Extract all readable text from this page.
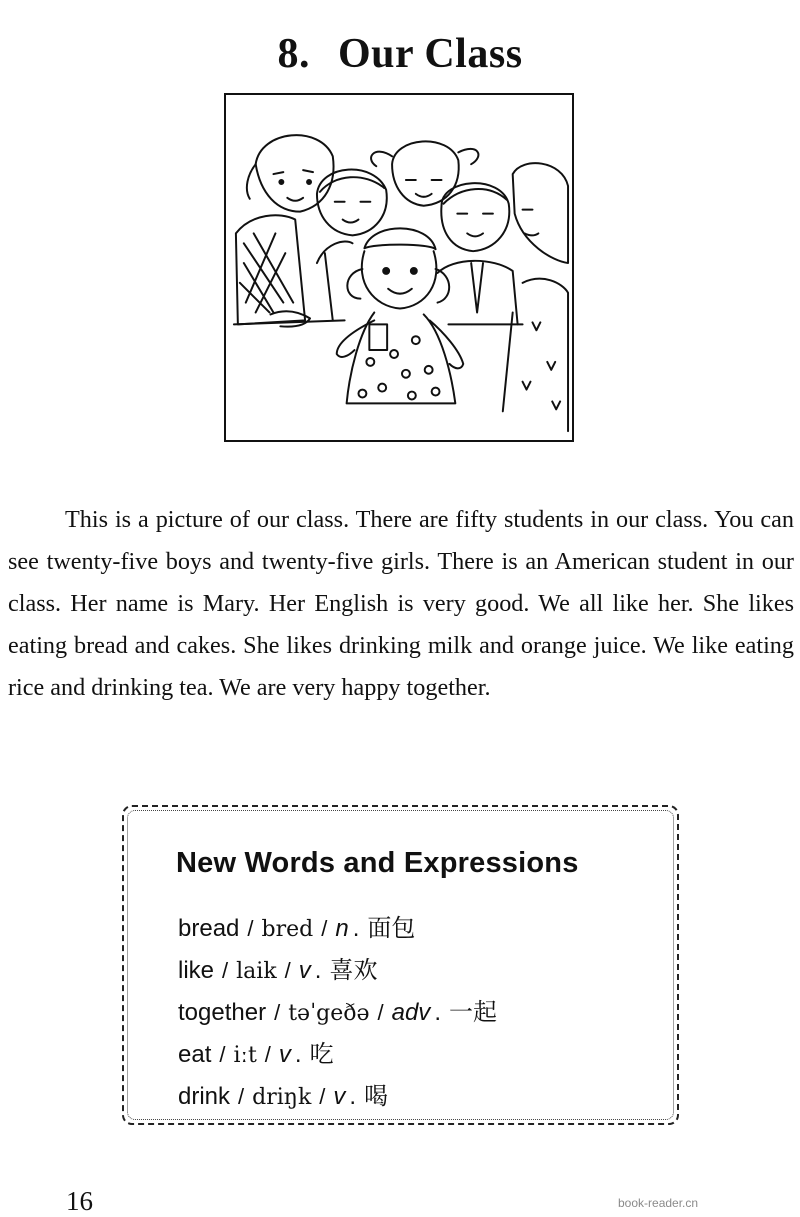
8. Our Class

This is a picture of our class. There are fifty students in our class. You can see twenty-five boys and twenty-five girls. There is an American student in our class. Her name is Mary. Her English is very good. We all like her. She likes eating bread and cakes. She likes drinking milk and orange juice. We like eating rice and drinking tea. We are very happy together.

New Words and Expressions
bread / bred / n . 面包
like / laik / v . 喜欢
together / təˈgeðə / adv . 一起
eat / iːt / v . 吃
drink / driŋk / v . 喝
16	book-reader.cn
